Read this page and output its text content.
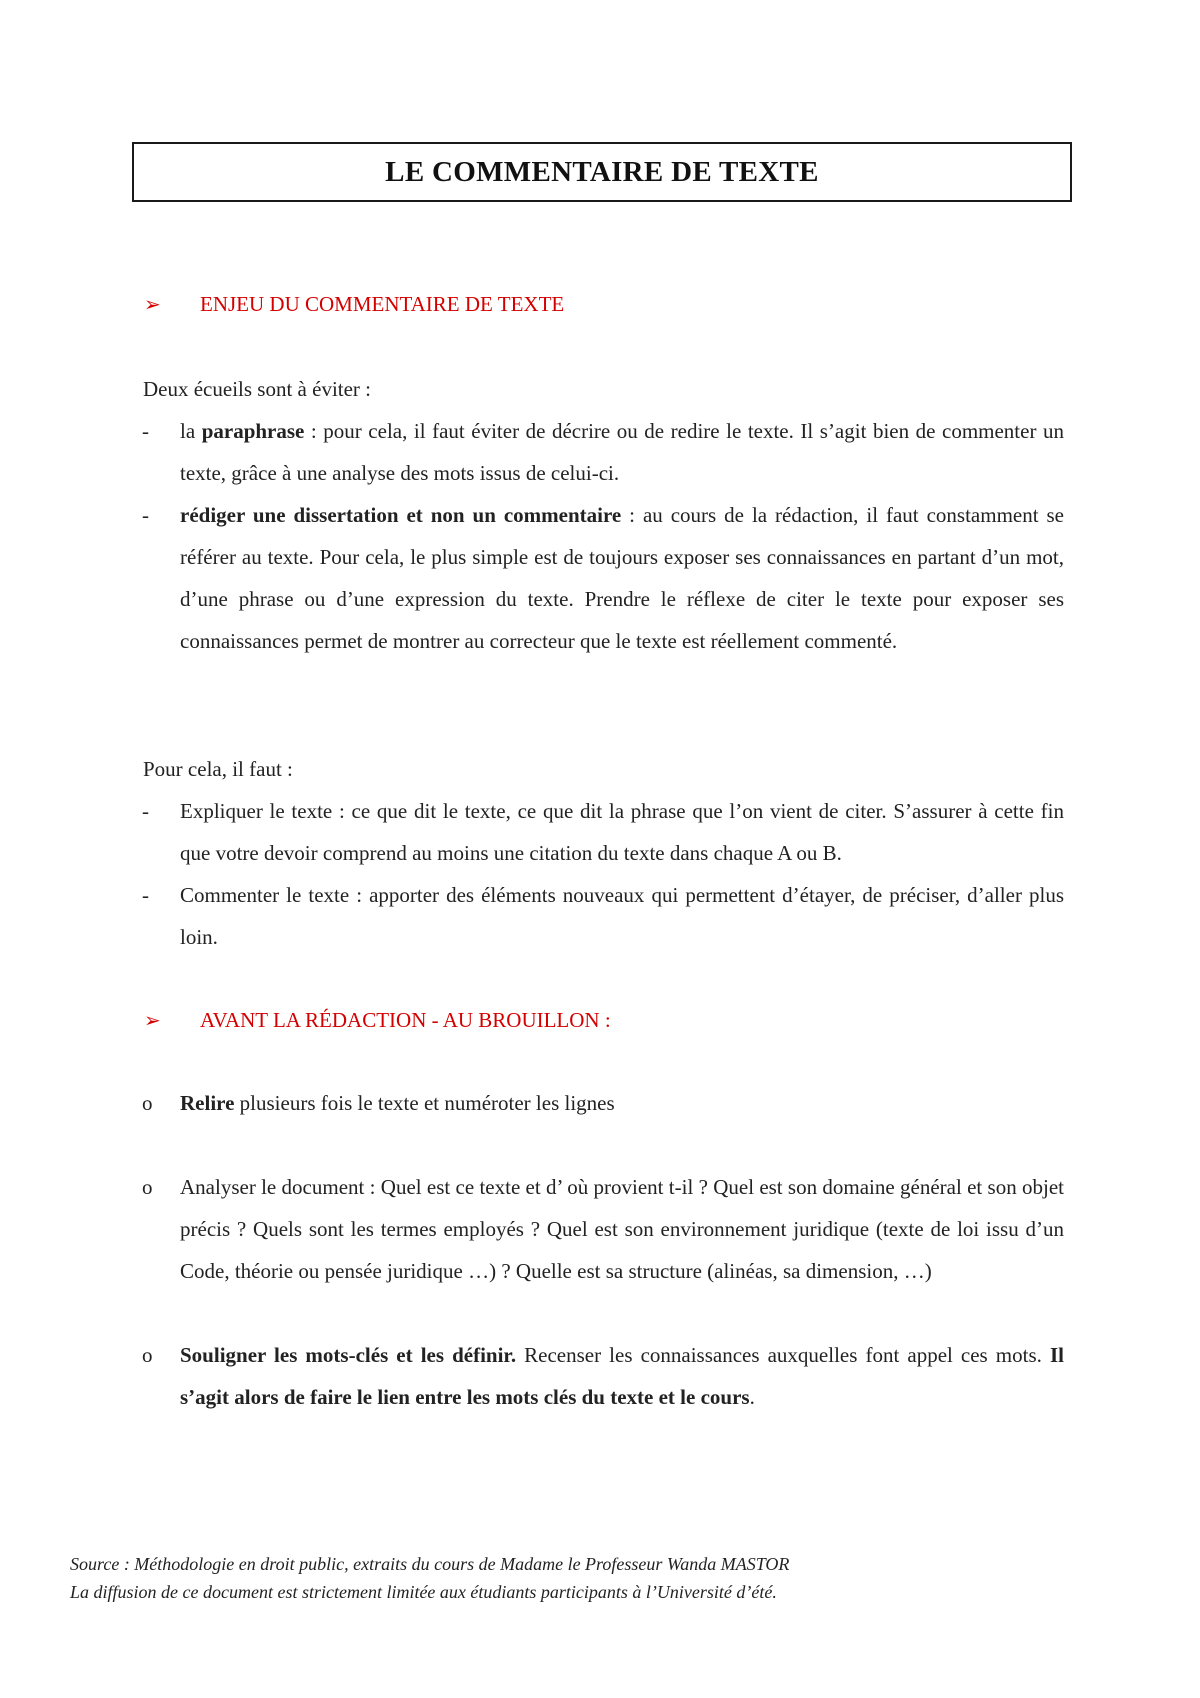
LE COMMENTAIRE DE TEXTE
➢	ENJEU DU COMMENTAIRE DE TEXTE
Deux écueils sont à éviter :
- la paraphrase : pour cela, il faut éviter de décrire ou de redire le texte. Il s’agit bien de commenter un texte, grâce à une analyse des mots issus de celui-ci.
- rédiger une dissertation et non un commentaire : au cours de la rédaction, il faut constamment se référer au texte. Pour cela, le plus simple est de toujours exposer ses connaissances en partant d’un mot, d’une phrase ou d’une expression du texte. Prendre le réflexe de citer le texte pour exposer ses connaissances permet de montrer au correcteur que le texte est réellement commenté.
Pour cela, il faut :
- Expliquer le texte : ce que dit le texte, ce que dit la phrase que l’on vient de citer. S’assurer à cette fin que votre devoir comprend au moins une citation du texte dans chaque A ou B.
- Commenter le texte : apporter des éléments nouveaux qui permettent d’étayer, de préciser, d’aller plus loin.
➢	AVANT LA RÉDACTION - AU BROUILLON :
o Relire plusieurs fois le texte et numéroter les lignes
o Analyser le document : Quel est ce texte et d’ où provient t-il ? Quel est son domaine général et son objet précis ? Quels sont les termes employés ? Quel est son environnement juridique (texte de loi issu d’un Code, théorie ou pensée juridique …) ? Quelle est sa structure (alinéas, sa dimension, …)
o Souligner les mots-clés et les définir. Recenser les connaissances auxquelles font appel ces mots. Il s’agit alors de faire le lien entre les mots clés du texte et le cours.
Source : Méthodologie en droit public, extraits du cours de Madame le Professeur Wanda MASTOR
La diffusion de ce document est strictement limitée aux étudiants participants à l’Université d’été.
